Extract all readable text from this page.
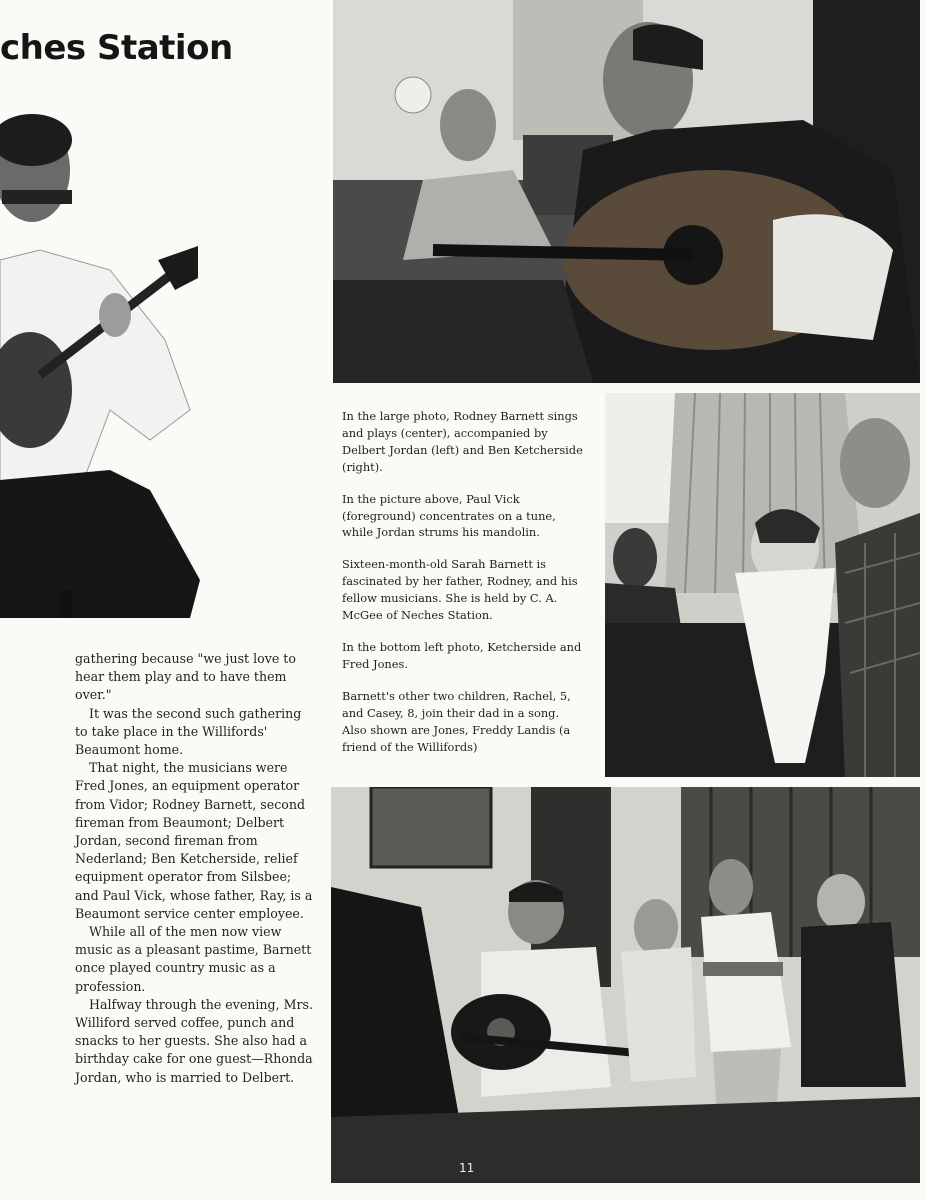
ches Station

In the large photo, Rodney Barnett sings and plays (center), accompanied by Delbert Jordan (left) and Ben Ketcherside (right).

In the picture above, Paul Vick (foreground) concentrates on a tune, while Jordan strums his mandolin.

Sixteen-month-old Sarah Barnett is fascinated by her father, Rodney, and his fellow musicians. She is held by C. A. McGee of Neches Station.

In the bottom left photo, Ketcherside and Fred Jones.

Barnett's other two children, Rachel, 5, and Casey, 8, join their dad in a song. Also shown are Jones, Freddy Landis (a friend of the Willifords)

gathering because "we just love to hear them play and to have them over."

It was the second such gathering to take place in the Willifords' Beaumont home.

That night, the musicians were Fred Jones, an equipment operator from Vidor; Rodney Barnett, second fireman from Beaumont; Delbert Jordan, second fireman from Nederland; Ben Ketcherside, relief equipment operator from Silsbee; and Paul Vick, whose father, Ray, is a Beaumont service center employee.

While all of the men now view music as a pleasant pastime, Barnett once played country music as a profession.

Halfway through the evening, Mrs. Williford served coffee, punch and snacks to her guests. She also had a birthday cake for one guest—Rhonda Jordan, who is married to Delbert.

11
